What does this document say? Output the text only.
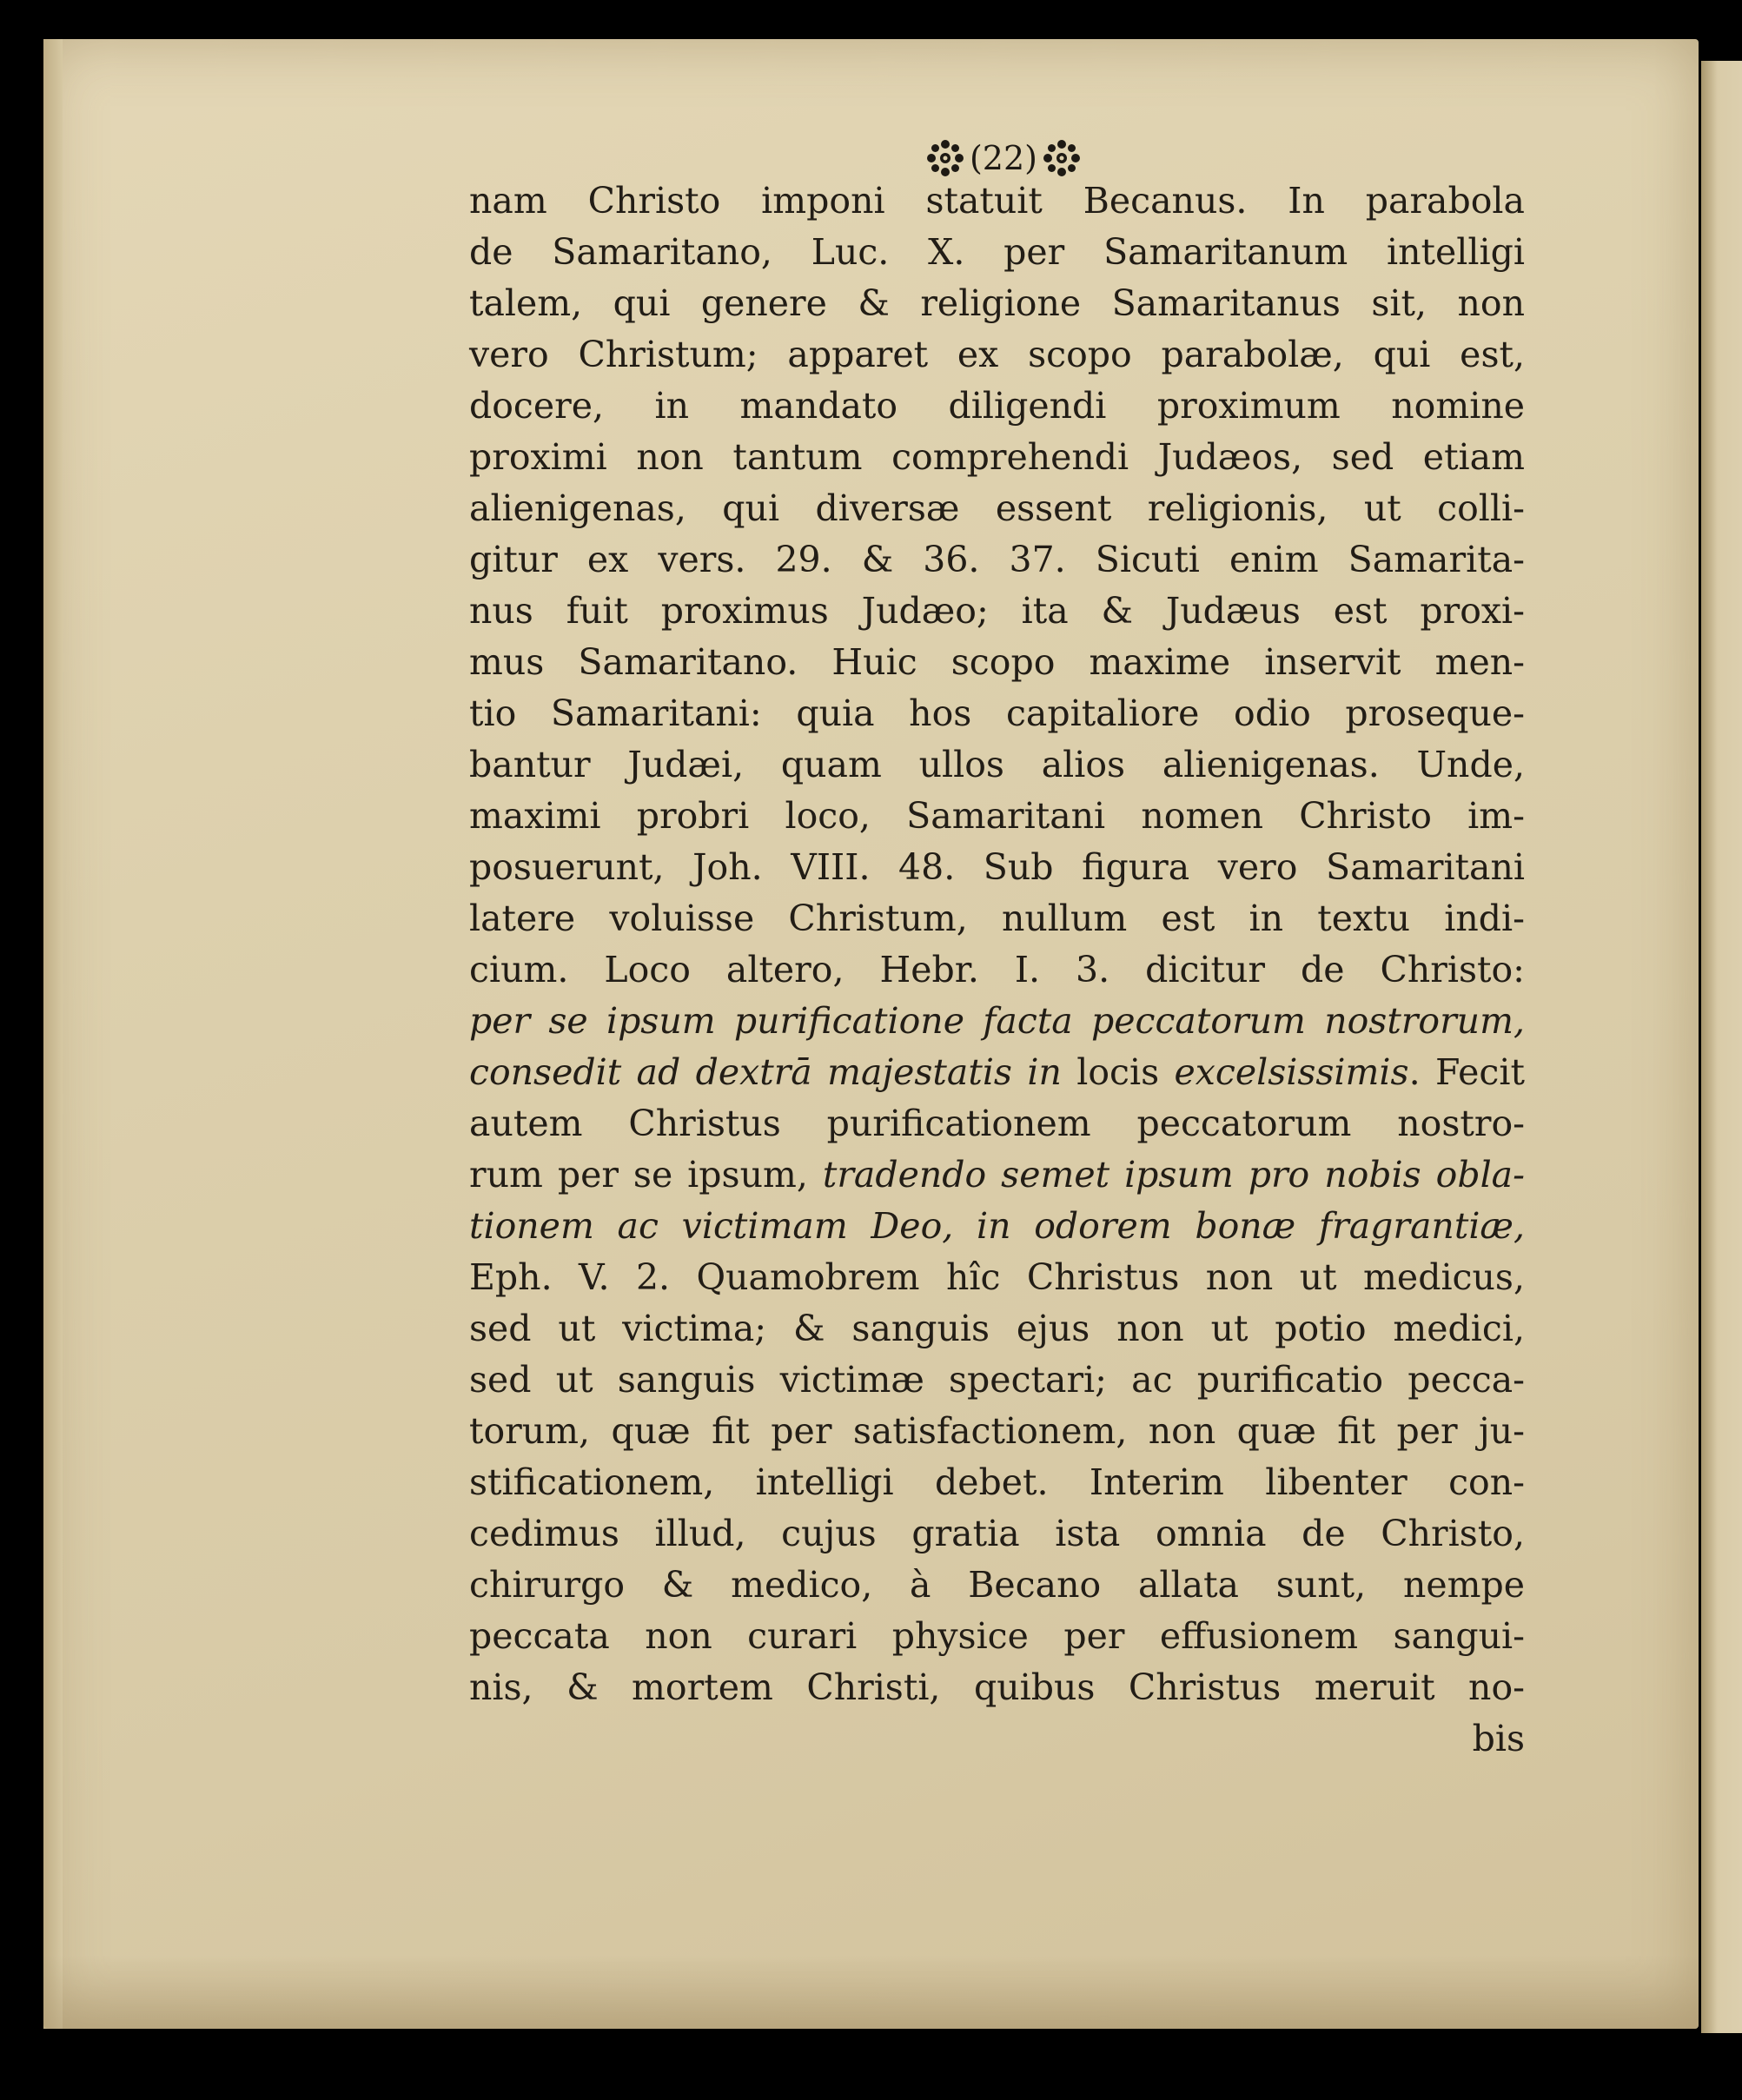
(22)
nam Christo imponi statuit Becanus. In parabola
de Samaritano, Luc. X. per Samaritanum intelligi
talem, qui genere & religione Samaritanus sit, non
vero Christum; apparet ex scopo parabolæ, qui est,
docere, in mandato diligendi proximum nomine
proximi non tantum comprehendi Judæos, sed etiam
alienigenas, qui diversæ essent religionis, ut colli-
gitur ex vers. 29. & 36. 37. Sicuti enim Samarita-
nus fuit proximus Judæo; ita & Judæus est proxi-
mus Samaritano. Huic scopo maxime inservit men-
tio Samaritani: quia hos capitaliore odio proseque-
bantur Judæi, quam ullos alios alienigenas. Unde,
maximi probri loco, Samaritani nomen Christo im-
posuerunt, Joh. VIII. 48. Sub figura vero Samaritani
latere voluisse Christum, nullum est in textu indi-
cium. Loco altero, Hebr. I. 3. dicitur de Christo:
per se ipsum purificatione facta peccatorum nostrorum,
consedit ad dextrā majestatis in locis excelsissimis. Fecit
autem Christus purificationem peccatorum nostro-
rum per se ipsum, tradendo semet ipsum pro nobis obla-
tionem ac victimam Deo, in odorem bonæ fragrantiæ,
Eph. V. 2. Quamobrem hîc Christus non ut medicus,
sed ut victima; & sanguis ejus non ut potio medici,
sed ut sanguis victimæ spectari; ac purificatio pecca-
torum, quæ fit per satisfactionem, non quæ fit per ju-
stificationem, intelligi debet. Interim libenter con-
cedimus illud, cujus gratia ista omnia de Christo,
chirurgo & medico, à Becano allata sunt, nempe
peccata non curari physice per effusionem sangui-
nis, & mortem Christi, quibus Christus meruit no-
bis
